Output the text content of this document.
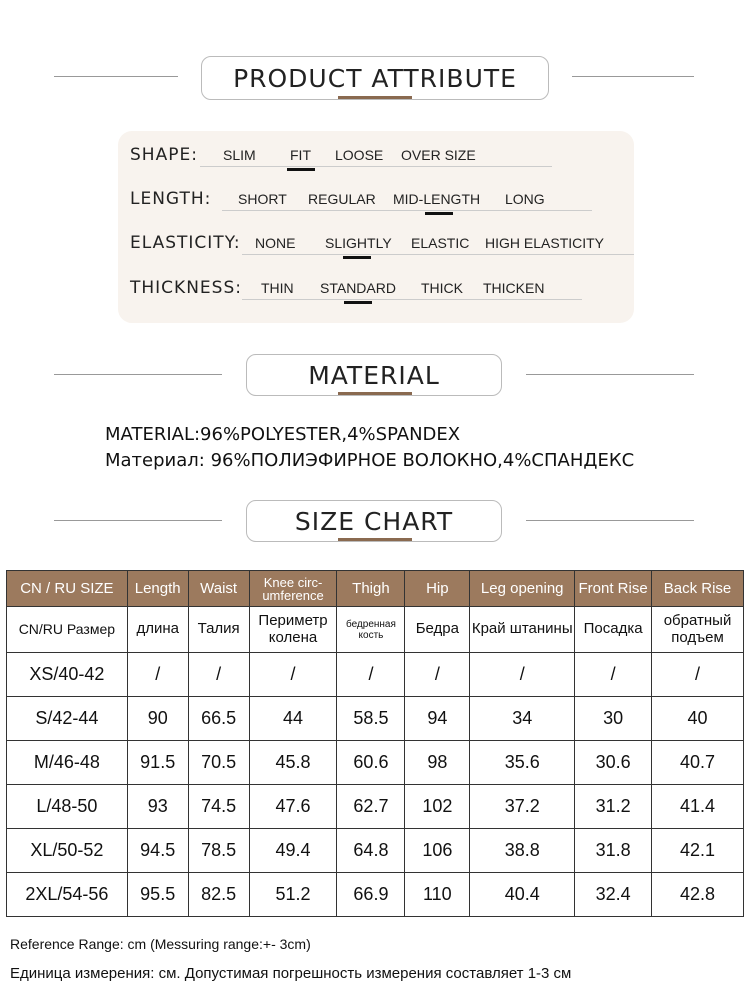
PRODUCT ATTRIBUTE
SHAPE: SLIM FIT LOOSE OVER SIZE
LENGTH: SHORT REGULAR MID-LENGTH LONG
ELASTICITY: NONE SLIGHTLY ELASTIC HIGH ELASTICITY
THICKNESS: THIN STANDARD THICK THICKEN
MATERIAL
MATERIAL:96%POLYESTER,4%SPANDEX
Материал: 96%ПОЛИЭФИРНОЕ ВОЛОКНО,4%СПАНДЕКС
SIZE CHART
CN / RU SIZE	Length	Waist	Knee circ-umference	Thigh	Hip	Leg opening	Front Rise	Back Rise
CN/RU Размер	длина	Талия	Периметр колена	бедренная кость	Бедра	Край штанины	Посадка	обратный подъем
XS/40-42	/	/	/	/	/	/	/	/
S/42-44	90	66.5	44	58.5	94	34	30	40
M/46-48	91.5	70.5	45.8	60.6	98	35.6	30.6	40.7
L/48-50	93	74.5	47.6	62.7	102	37.2	31.2	41.4
XL/50-52	94.5	78.5	49.4	64.8	106	38.8	31.8	42.1
2XL/54-56	95.5	82.5	51.2	66.9	110	40.4	32.4	42.8
Reference Range: cm (Messuring range:+- 3cm)
Единица измерения: см. Допустимая погрешность измерения составляет 1-3 см
